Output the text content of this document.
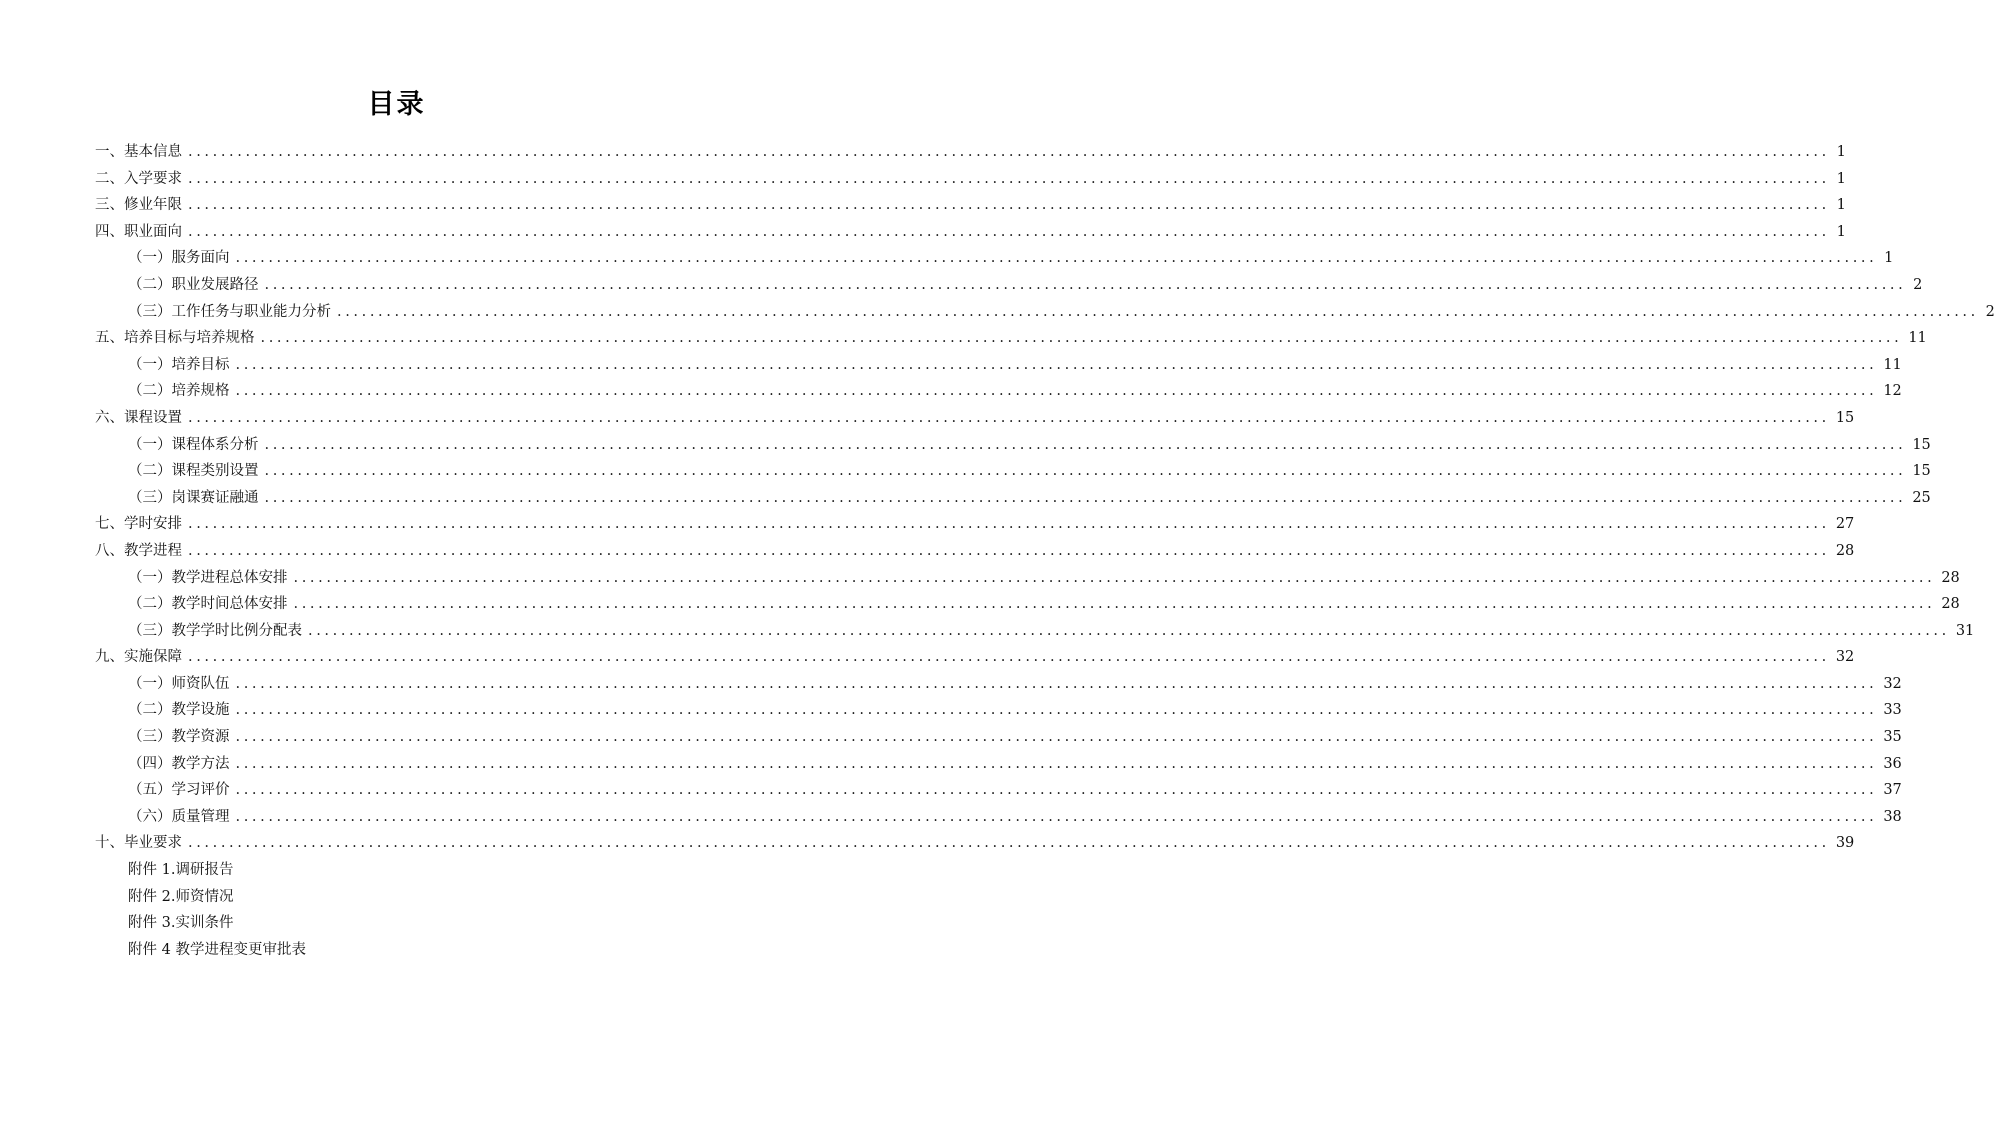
目录
一、基本信息 ........................................................................................................................................................................................................ 1
二、入学要求 ........................................................................................................................................................................................................ 1
三、修业年限 ........................................................................................................................................................................................................ 1
四、职业面向 ........................................................................................................................................................................................................ 1
（一）服务面向 ........................................................................................................................................................................................................ 1
（二）职业发展路径 ........................................................................................................................................................................................................ 2
（三）工作任务与职业能力分析 ........................................................................................................................................................................................................ 2
五、培养目标与培养规格 ........................................................................................................................................................................................................ 11
（一）培养目标 ........................................................................................................................................................................................................ 11
（二）培养规格 ........................................................................................................................................................................................................ 12
六、课程设置 ........................................................................................................................................................................................................ 15
（一）课程体系分析 ........................................................................................................................................................................................................ 15
（二）课程类别设置 ........................................................................................................................................................................................................ 15
（三）岗课赛证融通 ........................................................................................................................................................................................................ 25
七、学时安排 ........................................................................................................................................................................................................ 27
八、教学进程 ........................................................................................................................................................................................................ 28
（一）教学进程总体安排 ........................................................................................................................................................................................................ 28
（二）教学时间总体安排 ........................................................................................................................................................................................................ 28
（三）教学学时比例分配表 ........................................................................................................................................................................................................ 31
九、实施保障 ........................................................................................................................................................................................................ 32
（一）师资队伍 ........................................................................................................................................................................................................ 32
（二）教学设施 ........................................................................................................................................................................................................ 33
（三）教学资源 ........................................................................................................................................................................................................ 35
（四）教学方法 ........................................................................................................................................................................................................ 36
（五）学习评价 ........................................................................................................................................................................................................ 37
（六）质量管理 ........................................................................................................................................................................................................ 38
十、毕业要求 ........................................................................................................................................................................................................ 39
附件 1.调研报告
附件 2.师资情况
附件 3.实训条件
附件 4 教学进程变更审批表
